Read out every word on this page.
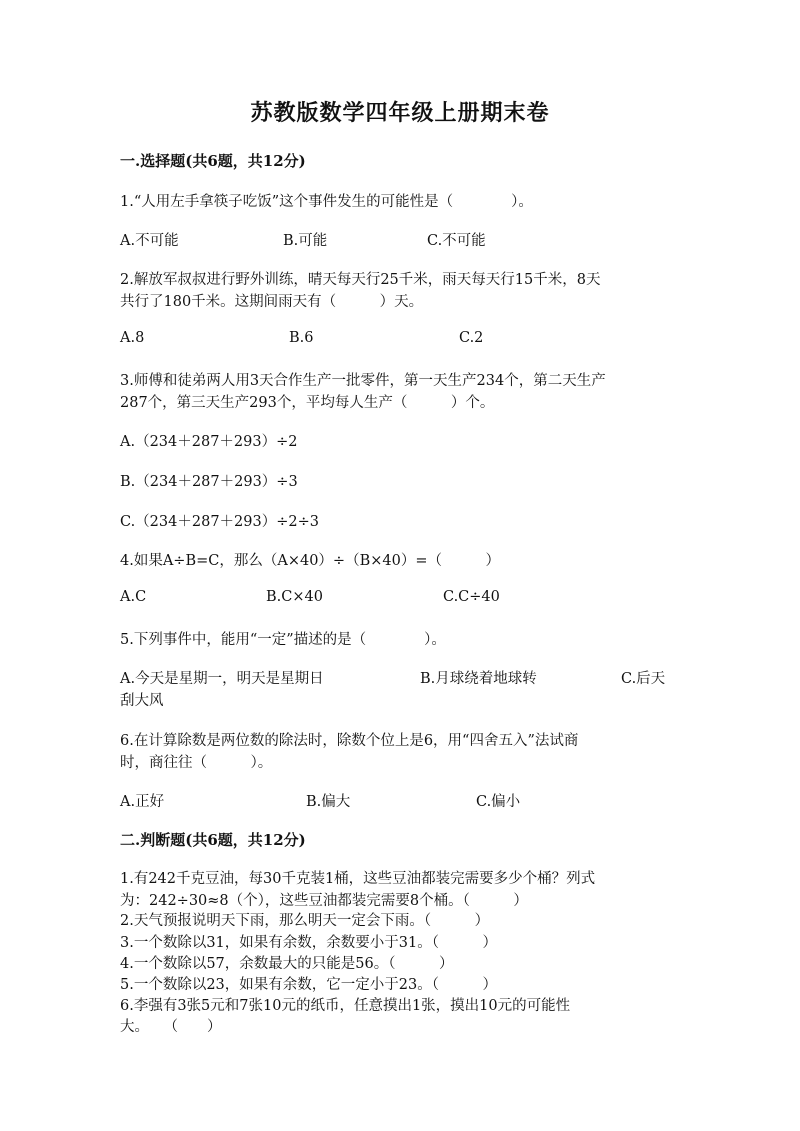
苏教版数学四年级上册期末卷
一.选择题(共6题，共12分)
1.“人用左手拿筷子吃饭”这个事件发生的可能性是（　　　　）。
A.不可能	B.可能	C.不可能
2.解放军叔叔进行野外训练，晴天每天行25千米，雨天每天行15千米，8天
共行了180千米。这期间雨天有（　　　）天。
A.8	B.6	C.2
3.师傅和徒弟两人用3天合作生产一批零件，第一天生产234个，第二天生产
287个，第三天生产293个，平均每人生产（　　　）个。
A.（234＋287＋293）÷2
B.（234＋287＋293）÷3
C.（234＋287＋293）÷2÷3
4.如果A÷B=C，那么（A×40）÷（B×40）=（　　　）
A.C	B.C×40	C.C÷40
5.下列事件中，能用“一定”描述的是（　　　　）。
A.今天是星期一，明天是星期日	B.月球绕着地球转	C.后天
刮大风
6.在计算除数是两位数的除法时，除数个位上是6，用“四舍五入”法试商
时，商往往（　　　）。
A.正好	B.偏大	C.偏小
二.判断题(共6题，共12分)
1.有242千克豆油，每30千克装1桶，这些豆油都装完需要多少个桶？列式
为：242÷30≈8（个），这些豆油都装完需要8个桶。（　　　）
2.天气预报说明天下雨，那么明天一定会下雨。（　　　）
3.一个数除以31，如果有余数，余数要小于31。（　　　）
4.一个数除以57，余数最大的只能是56。（　　　）
5.一个数除以23，如果有余数，它一定小于23。（　　　）
6.李强有3张5元和7张10元的纸币，任意摸出1张，摸出10元的可能性
大。　　（　　）
